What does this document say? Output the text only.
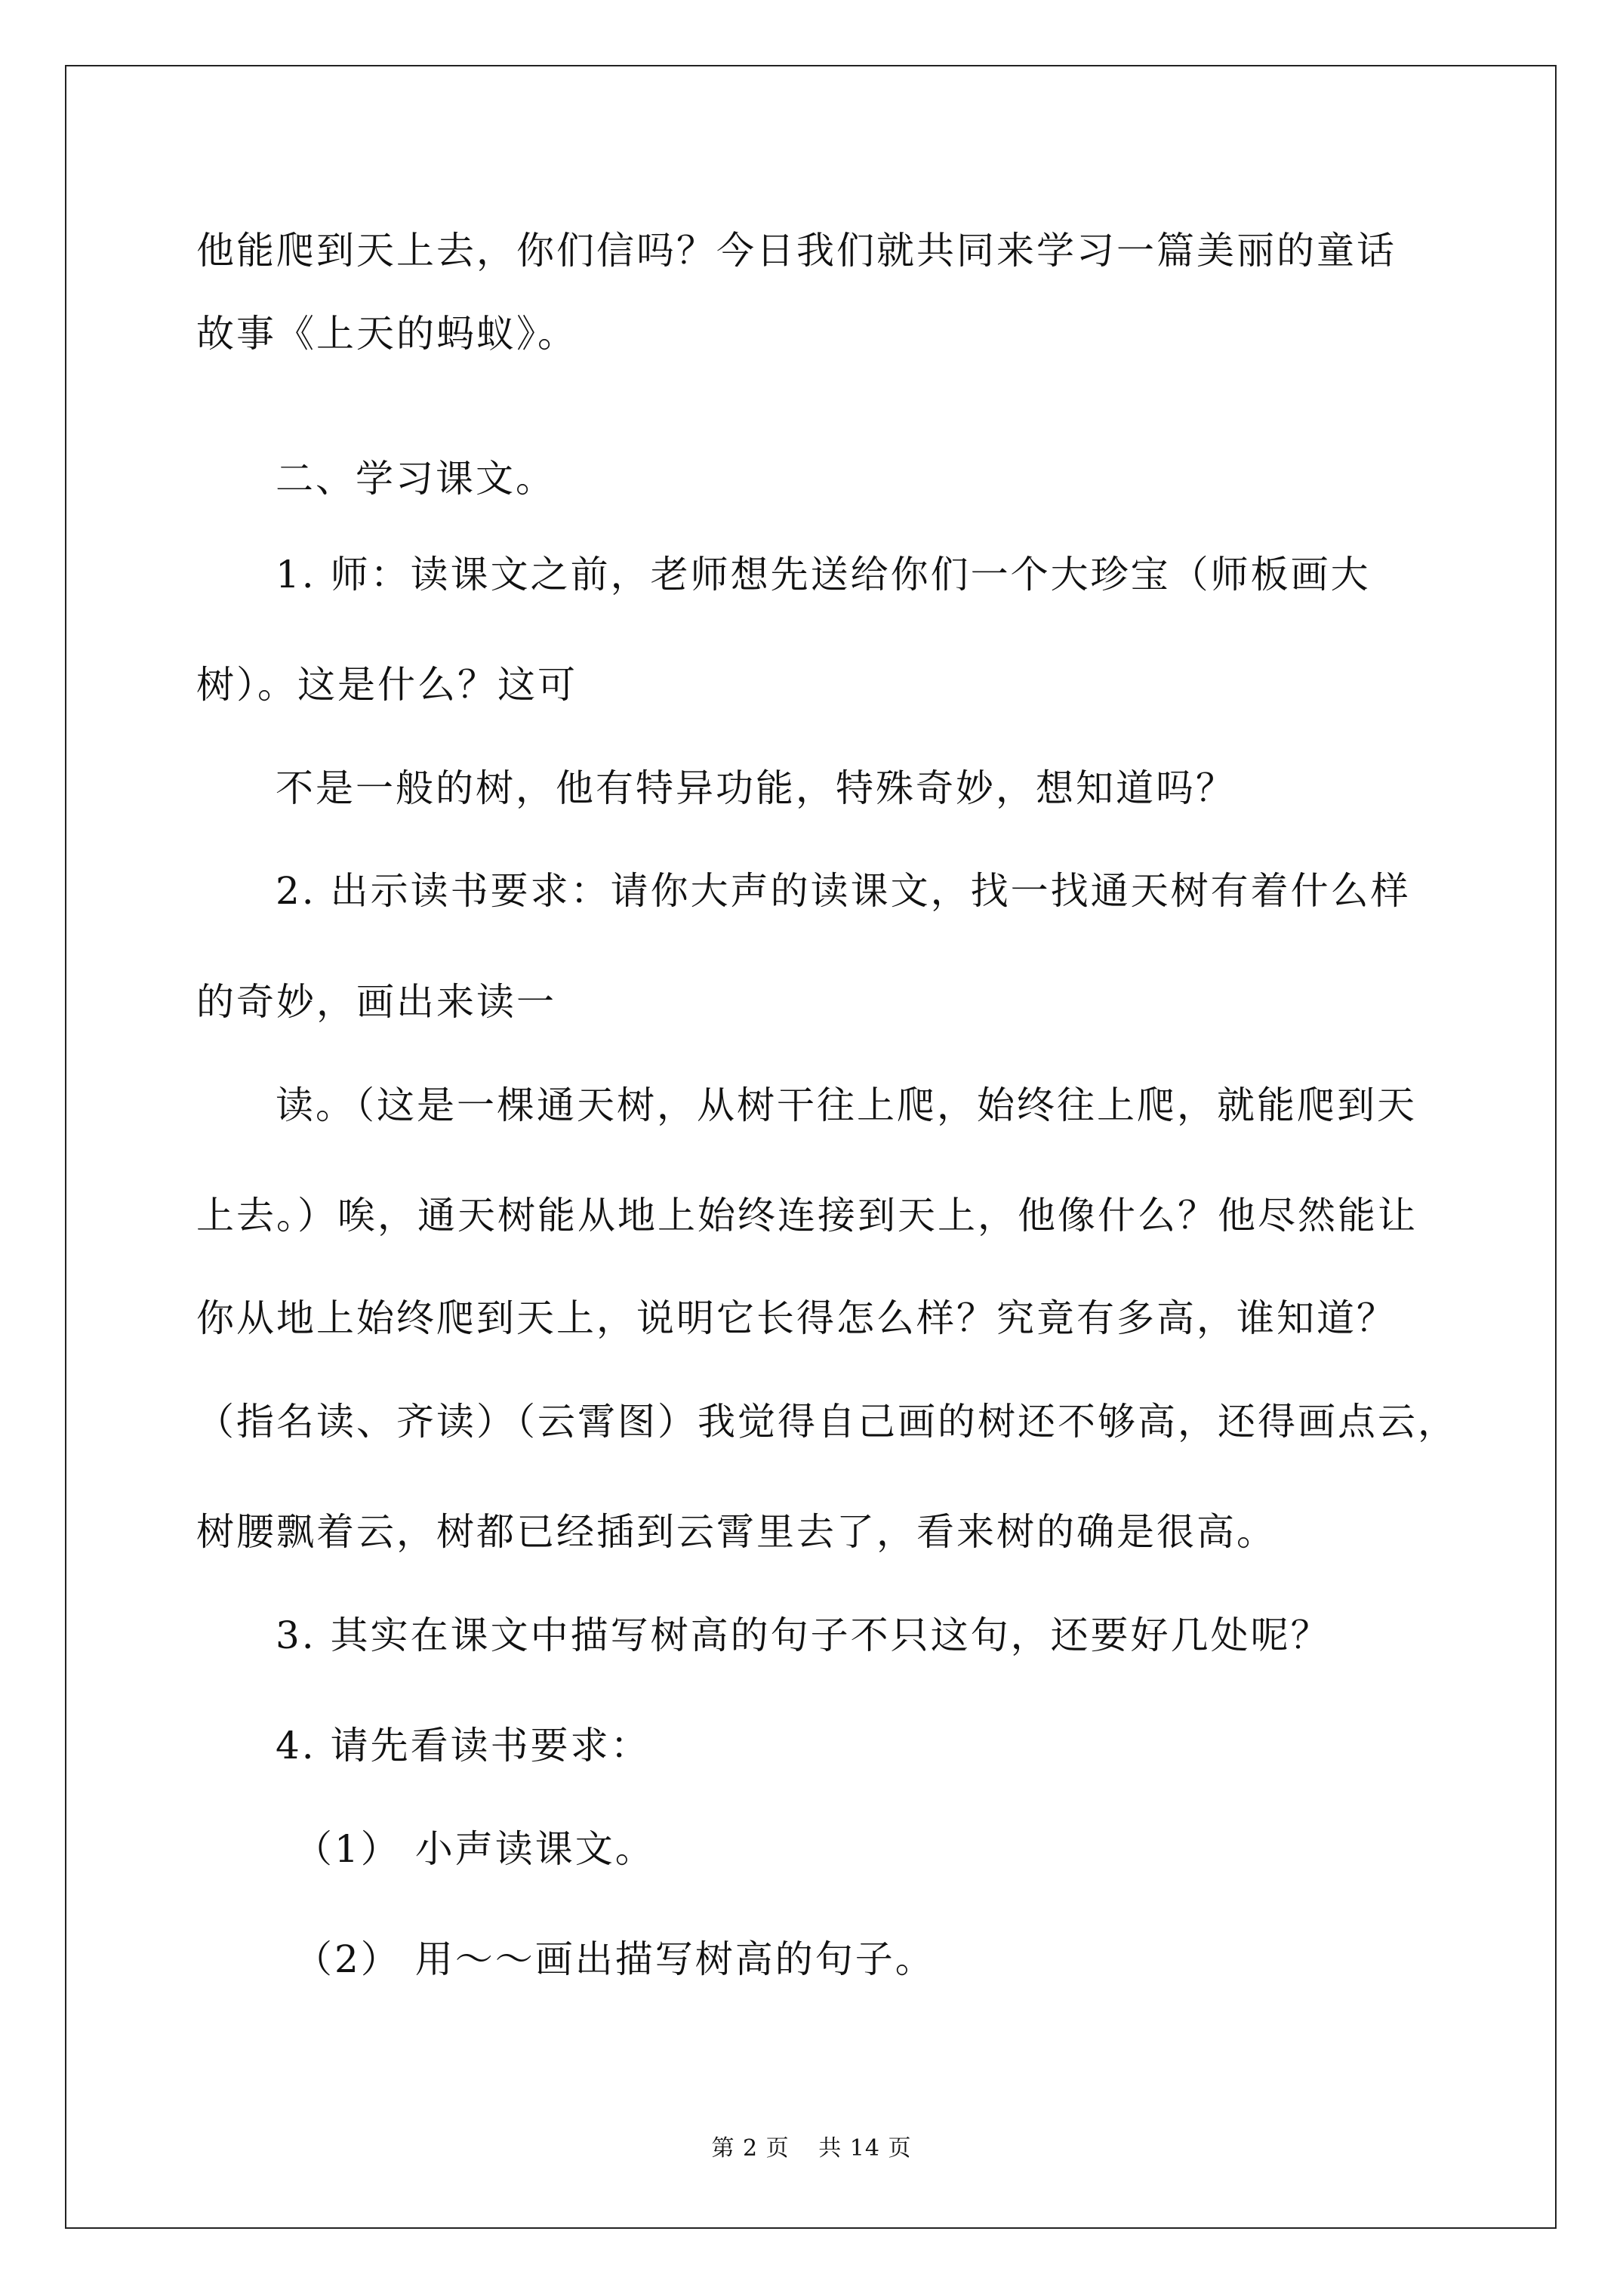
他能爬到天上去，你们信吗？今日我们就共同来学习一篇美丽的童话
故事《上天的蚂蚁》。
二、学习课文。
1. 师：读课文之前，老师想先送给你们一个大珍宝（师板画大
树）。这是什么？这可
不是一般的树，他有特异功能，特殊奇妙，想知道吗？
2. 出示读书要求：请你大声的读课文，找一找通天树有着什么样
的奇妙，画出来读一
读。（这是一棵通天树，从树干往上爬，始终往上爬，就能爬到天
上去。）唉，通天树能从地上始终连接到天上，他像什么？他尽然能让
你从地上始终爬到天上，说明它长得怎么样？究竟有多高，谁知道？
（指名读、齐读）（云霄图）我觉得自己画的树还不够高，还得画点云，
树腰飘着云，树都已经插到云霄里去了，看来树的确是很高。
3. 其实在课文中描写树高的句子不只这句，还要好几处呢？
4. 请先看读书要求：
（1） 小声读课文。
（2） 用～～画出描写树高的句子。
第 2 页 共 14 页
